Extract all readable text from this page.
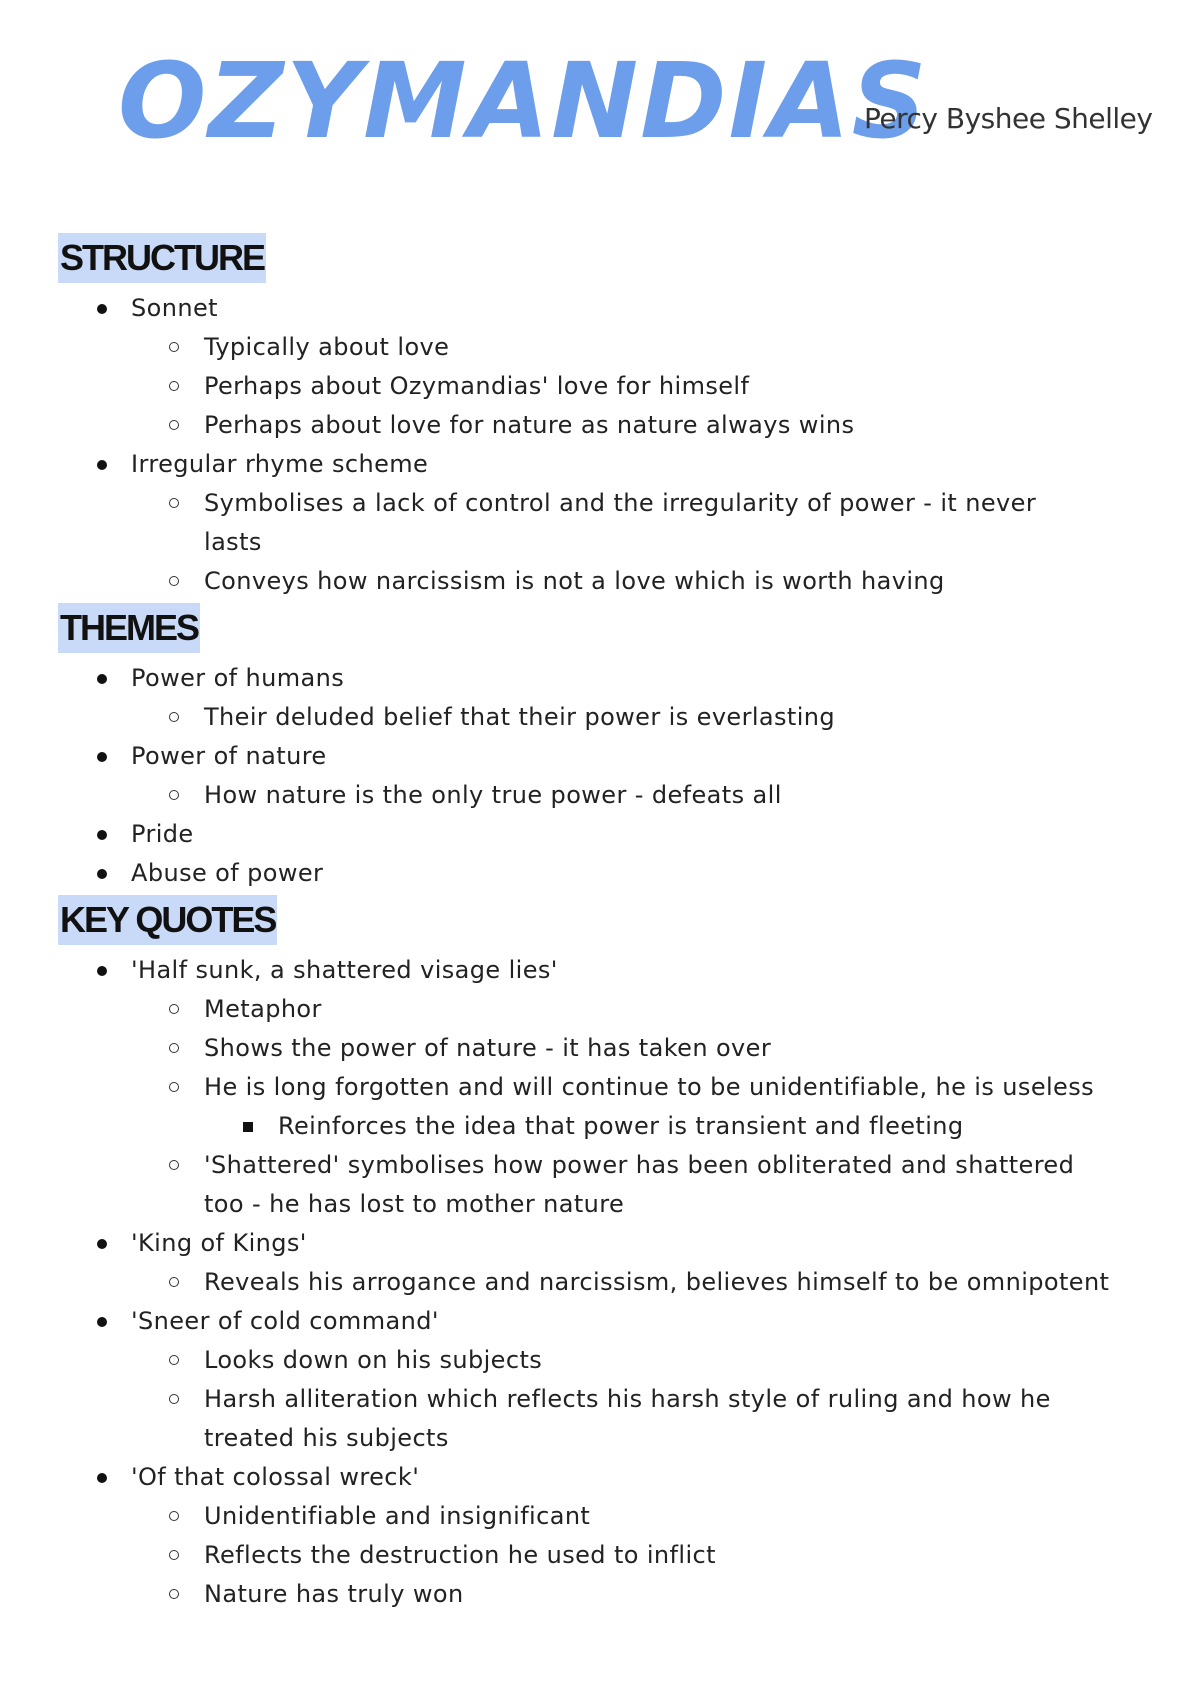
OZYMANDIAS
Percy Byshee Shelley
STRUCTURE
Sonnet
Typically about love
Perhaps about Ozymandias' love for himself
Perhaps about love for nature as nature always wins
Irregular rhyme scheme
Symbolises a lack of control and the irregularity of power - it never
lasts
Conveys how narcissism is not a love which is worth having
THEMES
Power of humans
Their deluded belief that their power is everlasting
Power of nature
How nature is the only true power - defeats all
Pride
Abuse of power
KEY QUOTES
'Half sunk, a shattered visage lies'
Metaphor
Shows the power of nature - it has taken over
He is long forgotten and will continue to be unidentifiable, he is useless
Reinforces the idea that power is transient and fleeting
'Shattered' symbolises how power has been obliterated and shattered
too - he has lost to mother nature
'King of Kings'
Reveals his arrogance and narcissism, believes himself to be omnipotent
'Sneer of cold command'
Looks down on his subjects
Harsh alliteration which reflects his harsh style of ruling and how he
treated his subjects
'Of that colossal wreck'
Unidentifiable and insignificant
Reflects the destruction he used to inflict
Nature has truly won
